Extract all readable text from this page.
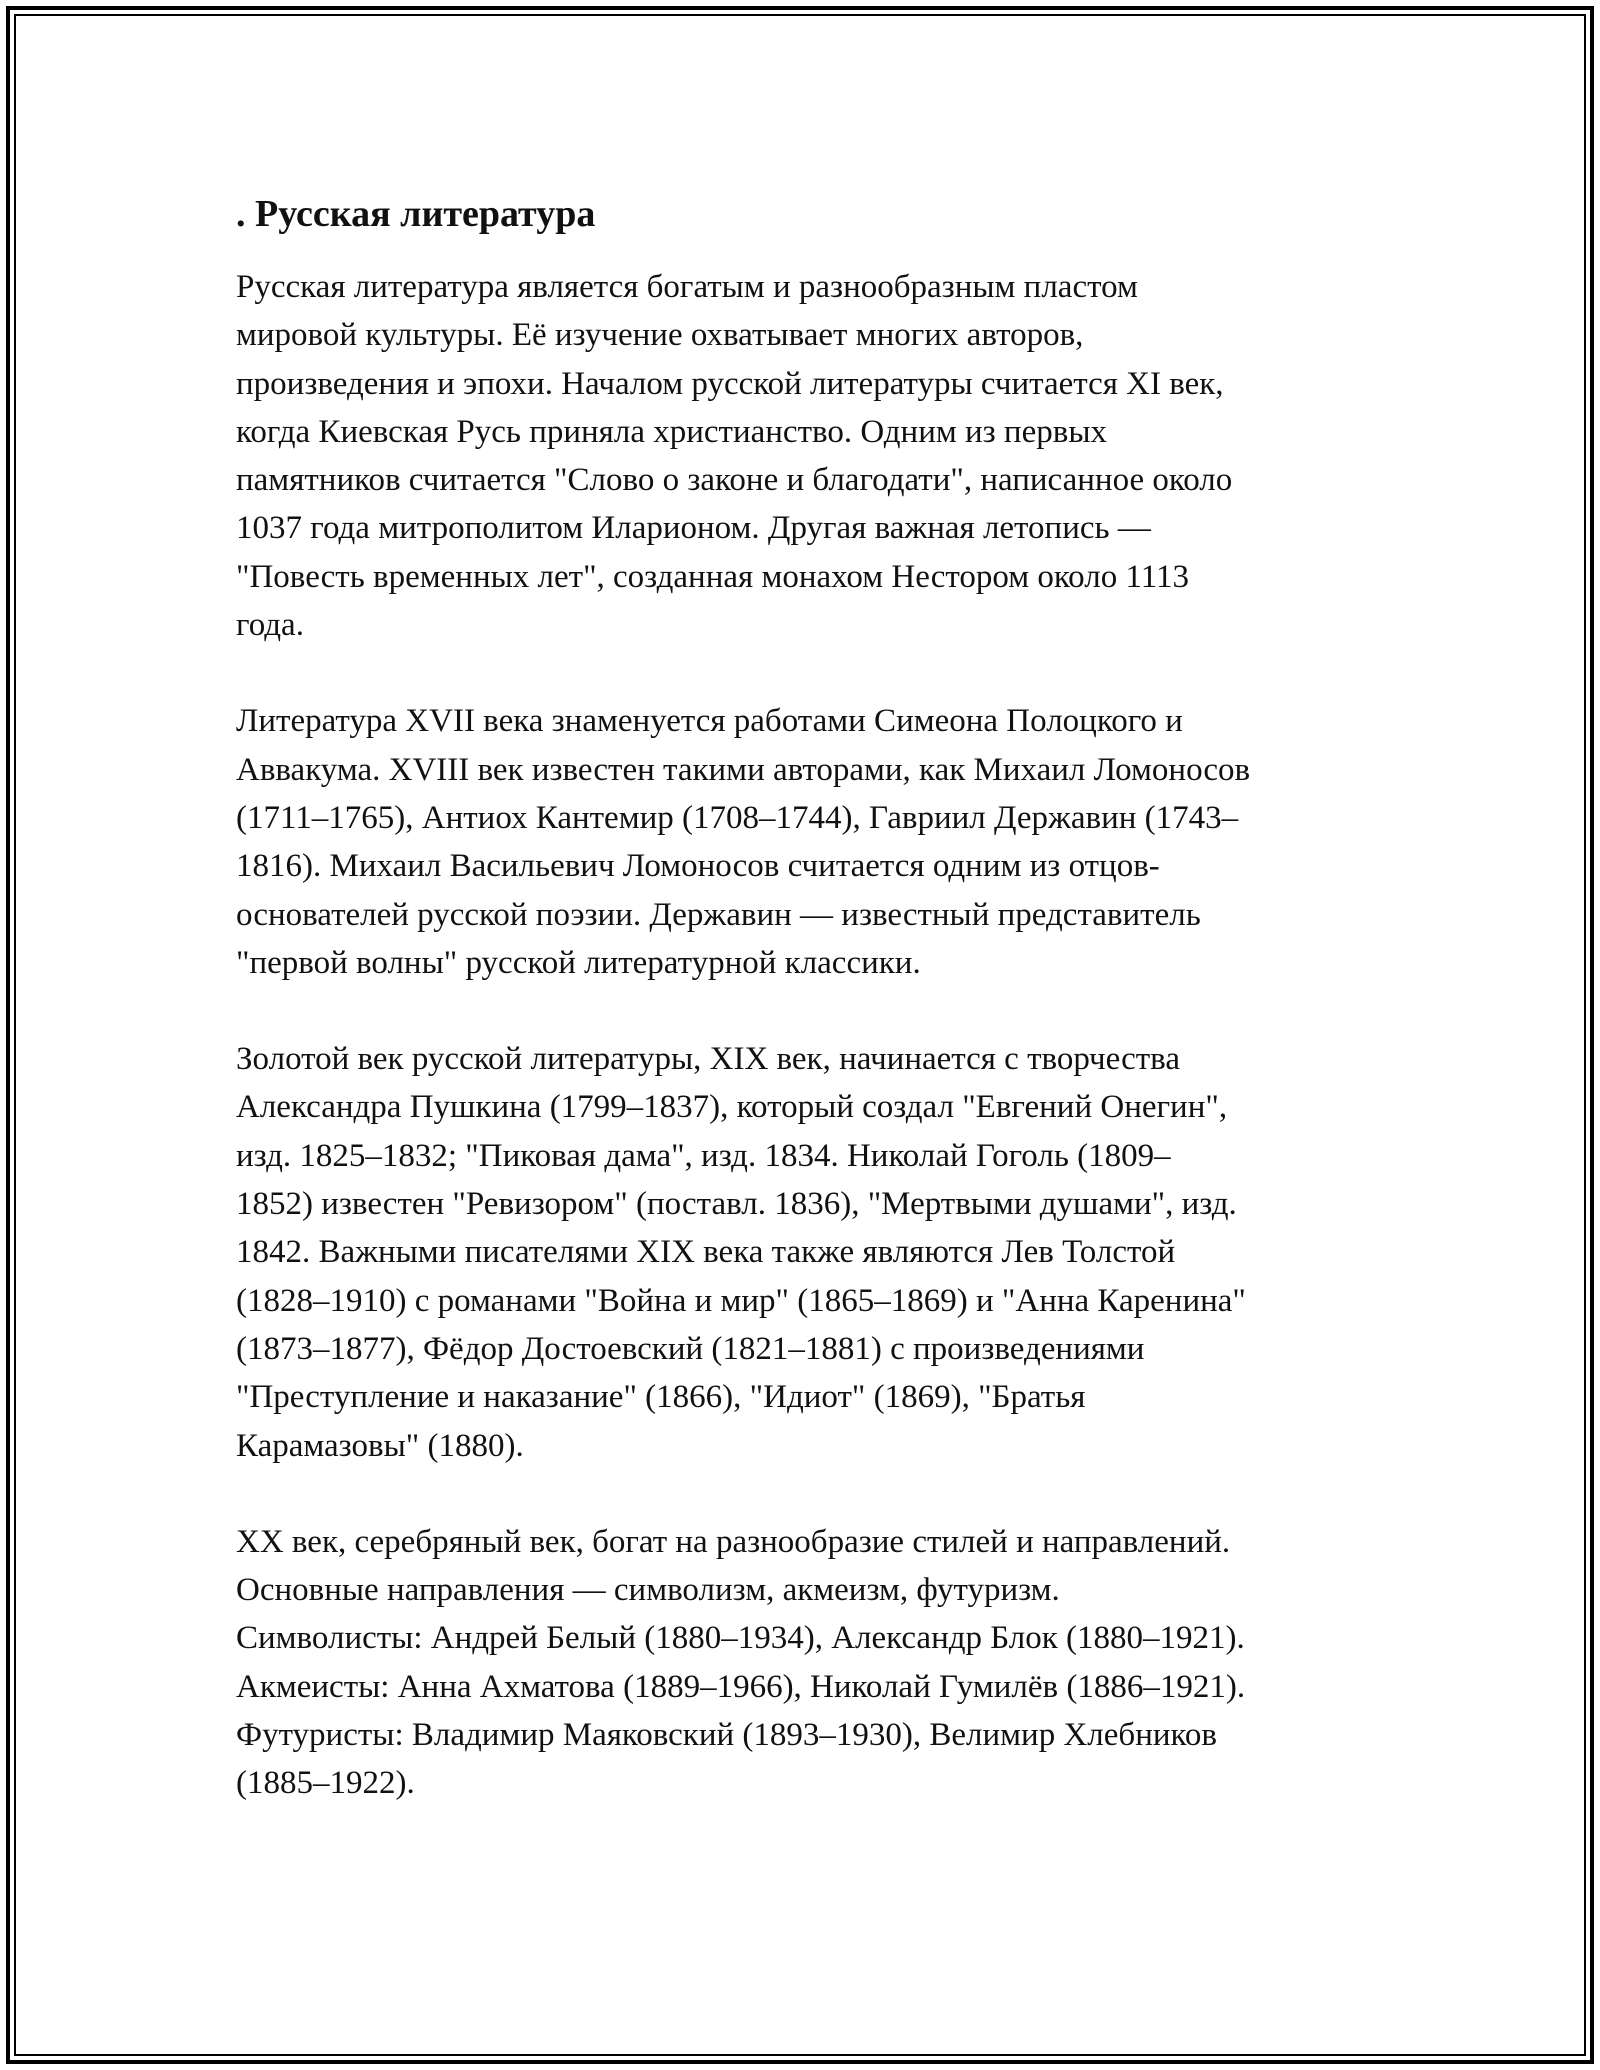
. Русская литература

Русская литература является богатым и разнообразным пластом
мировой культуры. Её изучение охватывает многих авторов,
произведения и эпохи. Началом русской литературы считается XI век,
когда Киевская Русь приняла христианство. Одним из первых
памятников считается "Слово о законе и благодати", написанное около
1037 года митрополитом Иларионом. Другая важная летопись —
"Повесть временных лет", созданная монахом Нестором около 1113
года.

Литература XVII века знаменуется работами Симеона Полоцкого и
Аввакума. XVIII век известен такими авторами, как Михаил Ломоносов
(1711–1765), Антиох Кантемир (1708–1744), Гавриил Державин (1743–
1816). Михаил Васильевич Ломоносов считается одним из отцов-
основателей русской поэзии. Державин — известный представитель
"первой волны" русской литературной классики.

Золотой век русской литературы, XIX век, начинается с творчества
Александра Пушкина (1799–1837), который создал "Евгений Онегин",
изд. 1825–1832; "Пиковая дама", изд. 1834. Николай Гоголь (1809–
1852) известен "Ревизором" (поставл. 1836), "Мертвыми душами", изд.
1842. Важными писателями XIX века также являются Лев Толстой
(1828–1910) с романами "Война и мир" (1865–1869) и "Анна Каренина"
(1873–1877), Фёдор Достоевский (1821–1881) с произведениями
"Преступление и наказание" (1866), "Идиот" (1869), "Братья
Карамазовы" (1880).

XX век, серебряный век, богат на разнообразие стилей и направлений.
Основные направления — символизм, акмеизм, футуризм.
Символисты: Андрей Белый (1880–1934), Александр Блок (1880–1921).
Акмеисты: Анна Ахматова (1889–1966), Николай Гумилёв (1886–1921).
Футуристы: Владимир Маяковский (1893–1930), Велимир Хлебников
(1885–1922).
